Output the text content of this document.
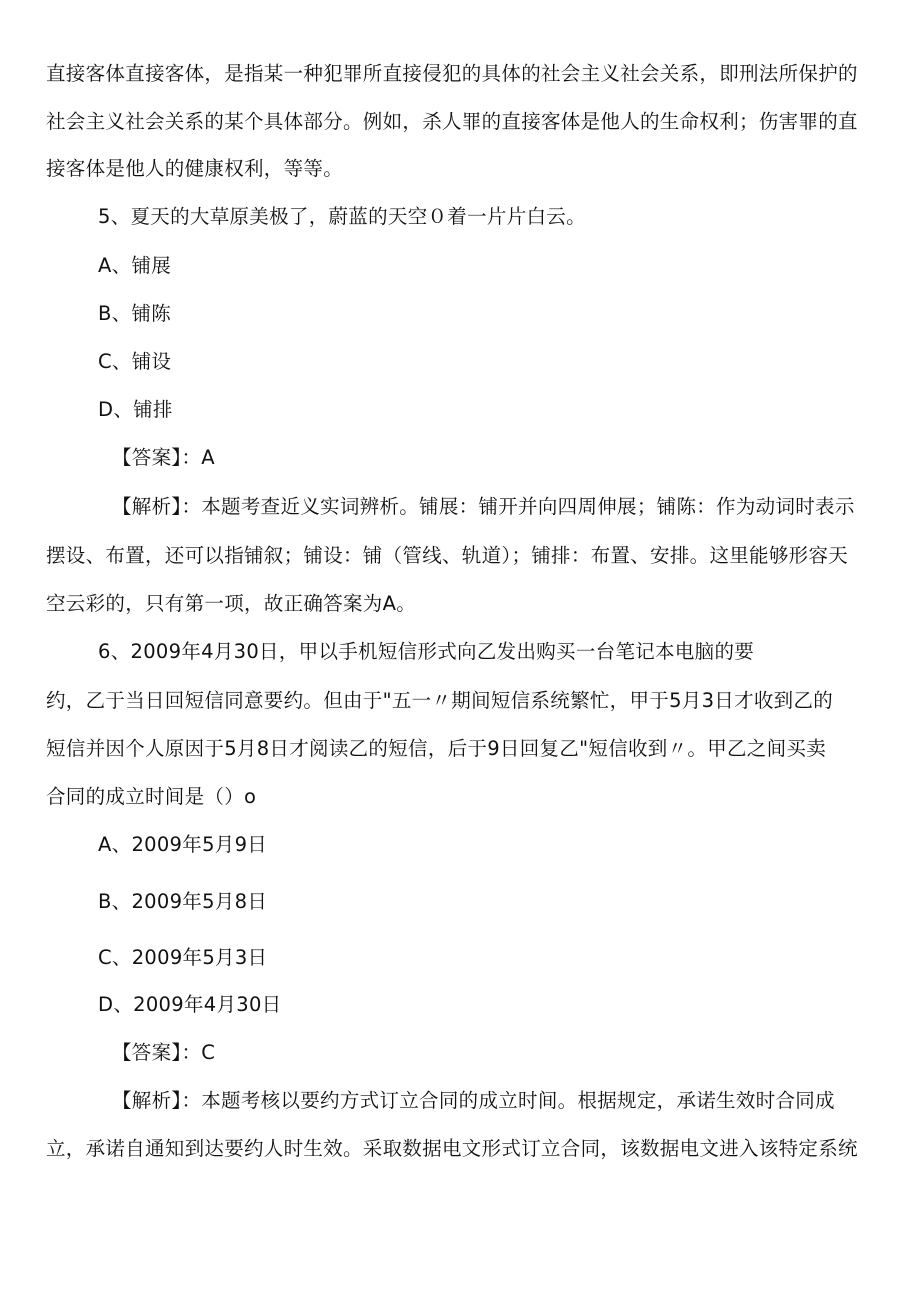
直接客体直接客体，是指某一种犯罪所直接侵犯的具体的社会主义社会关系，即刑法所保护的
社会主义社会关系的某个具体部分。例如，杀人罪的直接客体是他人的生命权利；伤害罪的直
接客体是他人的健康权利，等等。
5、夏天的大草原美极了，蔚蓝的天空０着一片片白云。
A、铺展
B、铺陈
C、铺设
D、铺排
【答案】：A
【解析】：本题考查近义实词辨析。铺展：铺开并向四周伸展；铺陈：作为动词时表示
摆设、布置，还可以指铺叙；铺设：铺（管线、轨道）；铺排：布置、安排。这里能够形容天
空云彩的，只有第一项，故正确答案为A。
6、2009年4月30日，甲以手机短信形式向乙发出购买一台笔记本电脑的要
约，乙于当日回短信同意要约。但由于"五一〃期间短信系统繁忙，甲于5月3日才收到乙的
短信并因个人原因于5月8日才阅读乙的短信，后于9日回复乙"短信收到〃。甲乙之间买卖
合同的成立时间是（）o
A、2009年5月9日
B、2009年5月8日
C、2009年5月3日
D、2009年4月30日
【答案】：C
【解析】：本题考核以要约方式订立合同的成立时间。根据规定，承诺生效时合同成
立，承诺自通知到达要约人时生效。采取数据电文形式订立合同，该数据电文进入该特定系统
